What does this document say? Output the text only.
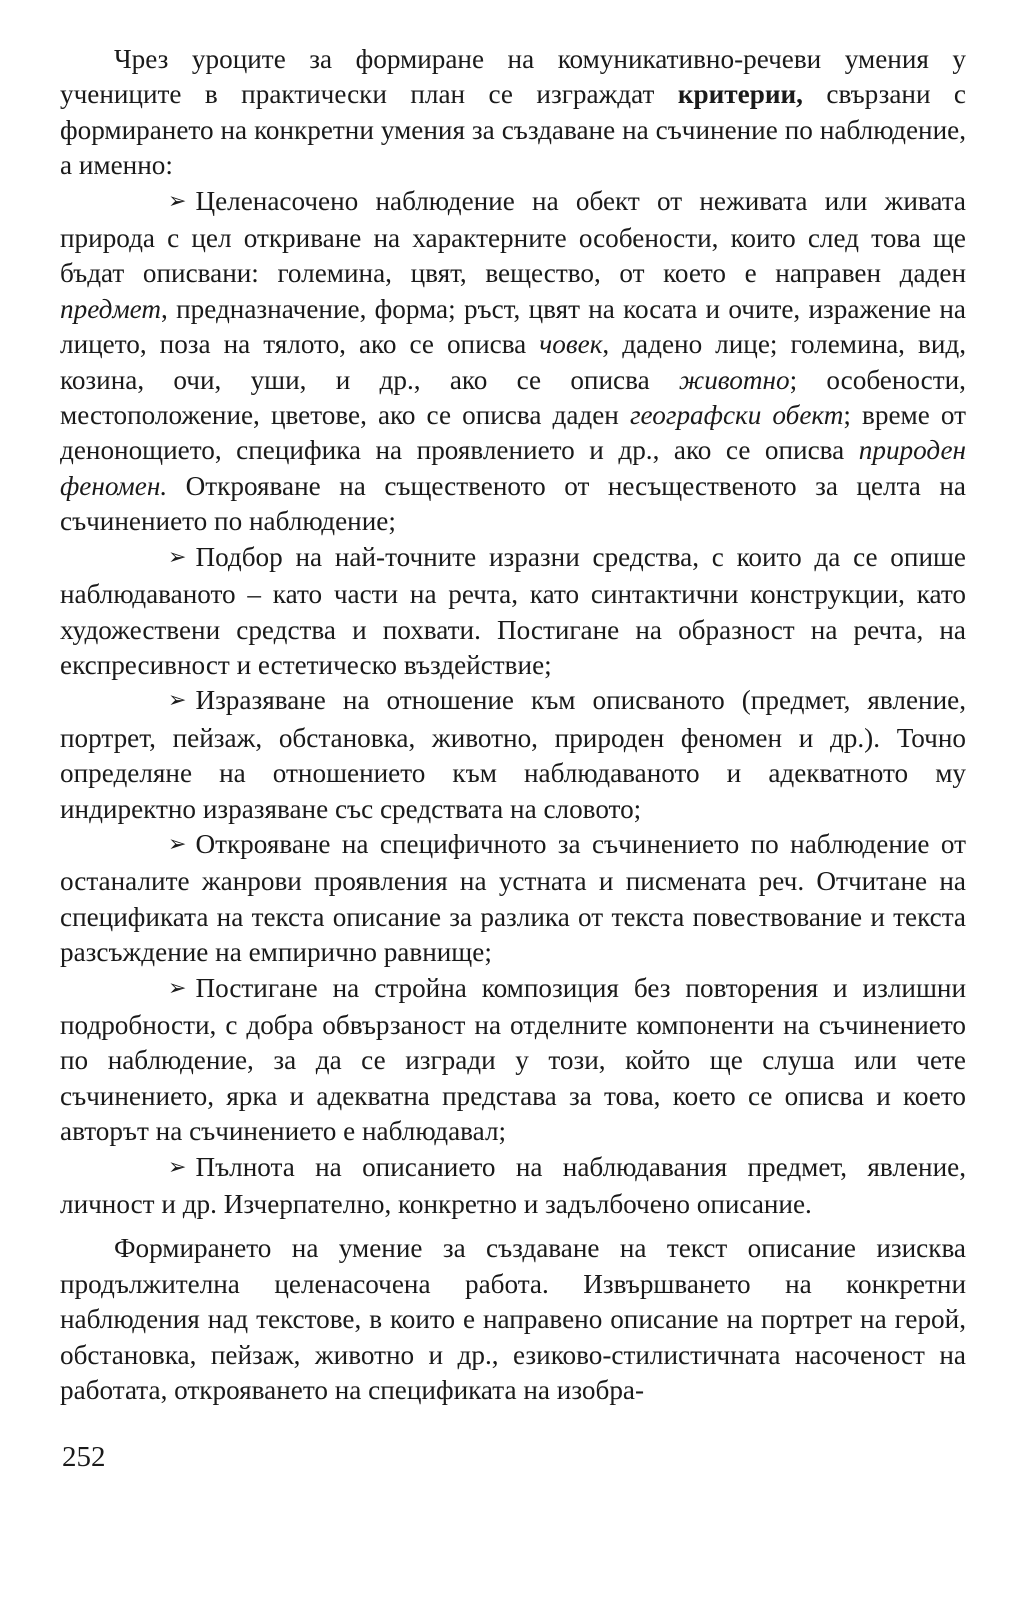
Чрез уроците за формиране на комуникативно-речеви умения у учениците в практически план се изграждат критерии, свързани с формирането на конкретни умения за създаване на съчинение по наблюдение, а именно:

➢ Целенасочено наблюдение на обект от неживата или живата природа с цел откриване на характерните особености, които след това ще бъдат описвани: големина, цвят, вещество, от което е направен даден предмет, предназначение, форма; ръст, цвят на косата и очите, изражение на лицето, поза на тялото, ако се описва човек, дадено лице; големина, вид, козина, очи, уши, и др., ако се описва животно; особености, местоположение, цветове, ако се описва даден географски обект; време от денонощието, специфика на проявлението и др., ако се описва природен феномен. Открояване на същественото от несъщественото за целта на съчинението по наблюдение;

➢ Подбор на най-точните изразни средства, с които да се опише наблюдаваното – като части на речта, като синтактични конструкции, като художествени средства и похвати. Постигане на образност на речта, на експресивност и естетическо въздействие;

➢ Изразяване на отношение към описваното (предмет, явление, портрет, пейзаж, обстановка, животно, природен феномен и др.). Точно определяне на отношението към наблюдаваното и адекватното му индиректно изразяване със средствата на словото;

➢ Открояване на специфичното за съчинението по наблюдение от останалите жанрови проявления на устната и писмената реч. Отчитане на спецификата на текста описание за разлика от текста повествование и текста разсъждение на емпирично равнище;

➢ Постигане на стройна композиция без повторения и излишни подробности, с добра обвързаност на отделните компоненти на съчинението по наблюдение, за да се изгради у този, който ще слуша или чете съчинението, ярка и адекватна представа за това, което се описва и което авторът на съчинението е наблюдавал;

➢ Пълнота на описанието на наблюдавания предмет, явление, личност и др. Изчерпателно, конкретно и задълбочено описание.

Формирането на умение за създаване на текст описание изисква продължителна целенасочена работа. Извършването на конкретни наблюдения над текстове, в които е направено описание на портрет на герой, обстановка, пейзаж, животно и др., езиково-стилистичната насоченост на работата, открояването на спецификата на изобра-

252
